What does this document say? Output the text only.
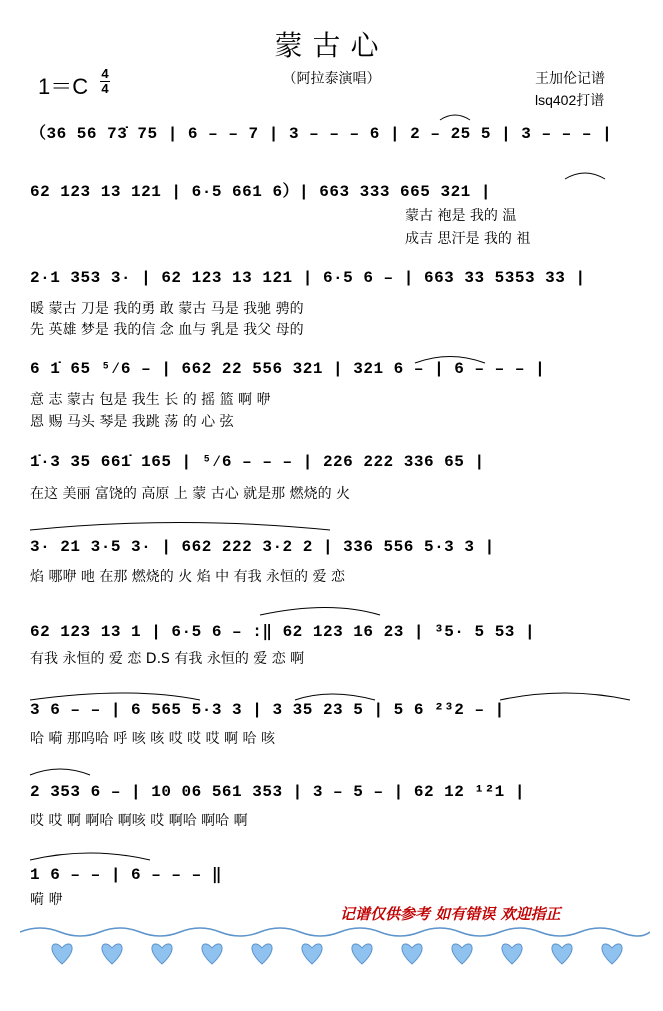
蒙古心
（阿拉泰演唱）
1＝C
4
4
王加伦记谱
lsq402打谱
（36 56 73̇ 75 | 6 – – 7 | 3 – – – 6 | 2 – 25 5 | 3 – – – |
62 123 13 121 | 6·5 661 6）| 663 333 665 321 |
蒙古 袍是 我的 温
成吉 思汗是 我的 祖
2·1 353 3· | 62 123 13 121 | 6·5 6 – | 663 33 5353 33 |
暖 蒙古 刀是 我的勇 敢 蒙古 马是 我驰 骋的
先 英雄 梦是 我的信 念 血与 乳是 我父 母的
6 1̇ 65 ⁵⁄6 – | 662 22 556 321 | 321 6 – | 6 – – – |
意 志 蒙古 包是 我生 长 的 摇 篮 啊 咿
恩 赐 马头 琴是 我跳 荡 的 心 弦
1̇·3 35 661̇ 165 | ⁵⁄6 – – – | 226 222 336 65 |
在这 美丽 富饶的 高原 上 蒙 古心 就是那 燃烧的 火
3· 21 3·5 3· | 662 222 3·2 2 | 336 556 5·3 3 |
焰 哪咿 吔 在那 燃烧的 火 焰 中 有我 永恒的 爱 恋
62 123 13 1 | 6·5 6 – :‖ 62 123 16 23 | ³5· 5 53 |
有我 永恒的 爱 恋 D.S 有我 永恒的 爱 恋 啊
3 6 – – | 6 565 5·3 3 | 3 35 23 5 | 5 6 ²³2 – |
哈 嗬 那呜哈 呼 咳 咳 哎 哎 哎 啊 哈 咳
2 353 6 – | 10 06 561 353 | 3 – 5 – | 62 12 ¹²1 |
哎 哎 啊 啊哈 啊咳 哎 啊哈 啊哈 啊
1 6 – – | 6 – – – ‖
嗬 咿
记谱仅供参考 如有错误 欢迎指正
